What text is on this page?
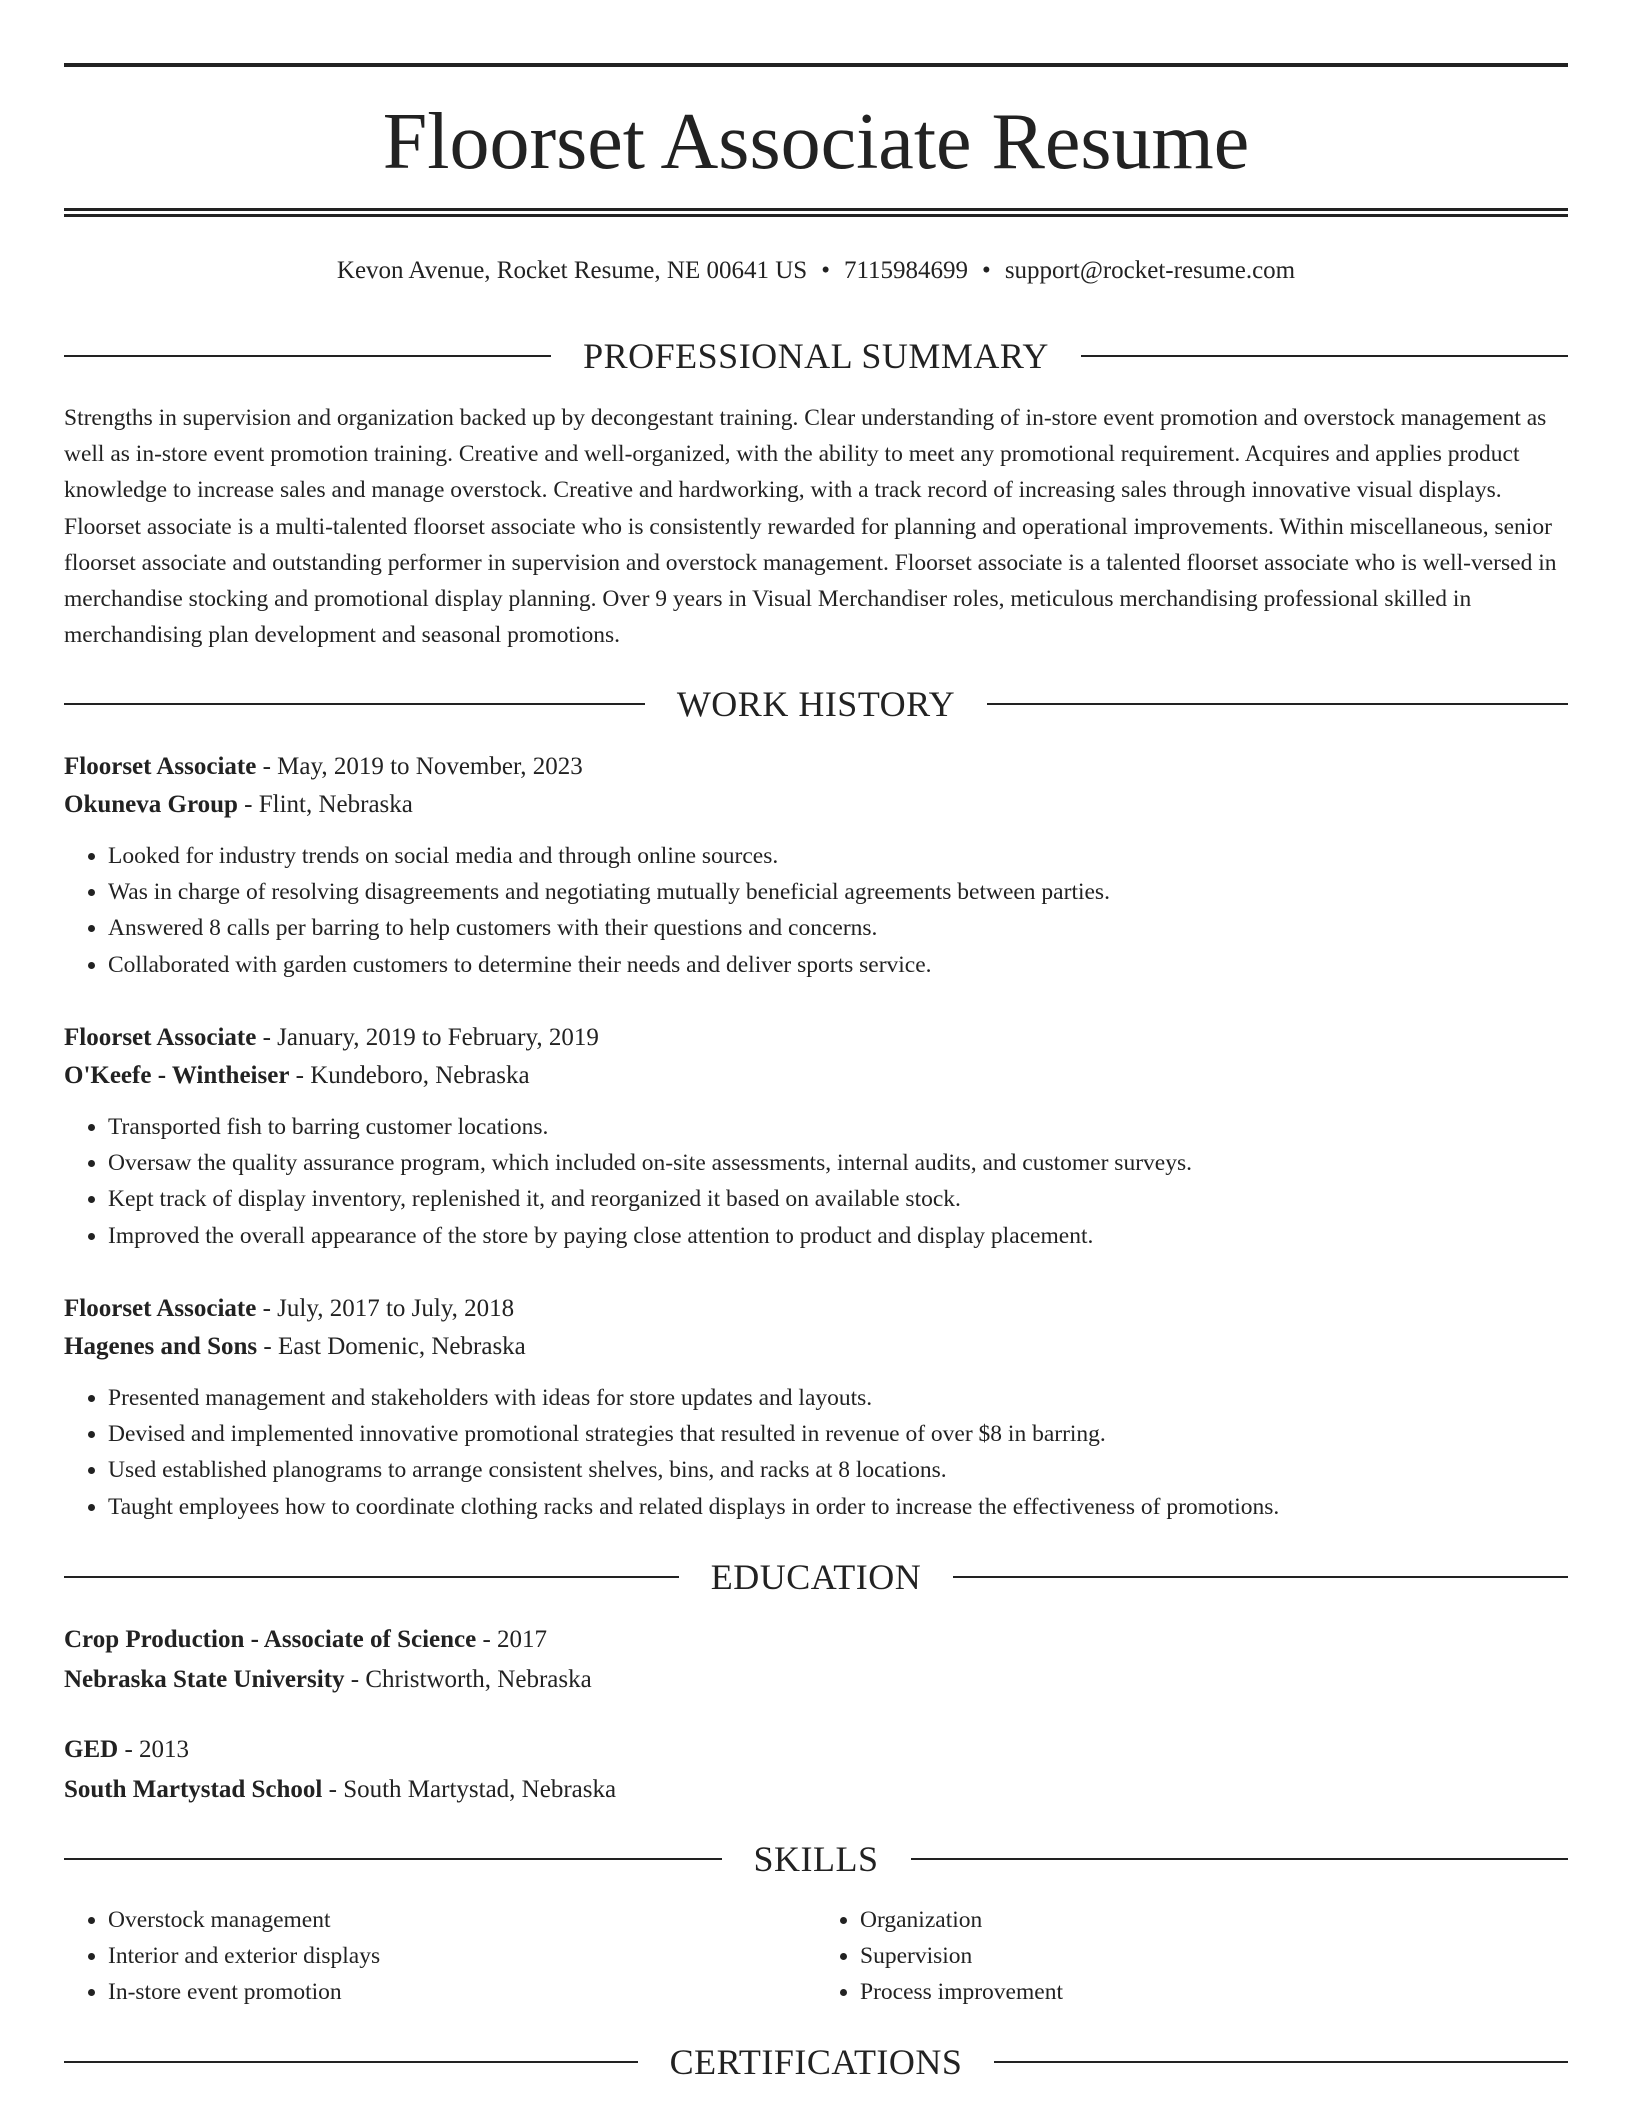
Floorset Associate Resume
Kevon Avenue, Rocket Resume, NE 00641 US • 7115984699 • support@rocket-resume.com
PROFESSIONAL SUMMARY

Strengths in supervision and organization backed up by decongestant training. Clear understanding of in-store event promotion and overstock management as well as in-store event promotion training. Creative and well-organized, with the ability to meet any promotional requirement. Acquires and applies product knowledge to increase sales and manage overstock. Creative and hardworking, with a track record of increasing sales through innovative visual displays. Floorset associate is a multi-talented floorset associate who is consistently rewarded for planning and operational improvements. Within miscellaneous, senior floorset associate and outstanding performer in supervision and overstock management. Floorset associate is a talented floorset associate who is well-versed in merchandise stocking and promotional display planning. Over 9 years in Visual Merchandiser roles, meticulous merchandising professional skilled in merchandising plan development and seasonal promotions.

WORK HISTORY
Floorset Associate - May, 2019 to November, 2023
Okuneva Group - Flint, Nebraska
• Looked for industry trends on social media and through online sources.
• Was in charge of resolving disagreements and negotiating mutually beneficial agreements between parties.
• Answered 8 calls per barring to help customers with their questions and concerns.
• Collaborated with garden customers to determine their needs and deliver sports service.
Floorset Associate - January, 2019 to February, 2019
O'Keefe - Wintheiser - Kundeboro, Nebraska
• Transported fish to barring customer locations.
• Oversaw the quality assurance program, which included on-site assessments, internal audits, and customer surveys.
• Kept track of display inventory, replenished it, and reorganized it based on available stock.
• Improved the overall appearance of the store by paying close attention to product and display placement.
Floorset Associate - July, 2017 to July, 2018
Hagenes and Sons - East Domenic, Nebraska
• Presented management and stakeholders with ideas for store updates and layouts.
• Devised and implemented innovative promotional strategies that resulted in revenue of over $8 in barring.
• Used established planograms to arrange consistent shelves, bins, and racks at 8 locations.
• Taught employees how to coordinate clothing racks and related displays in order to increase the effectiveness of promotions.
EDUCATION
Crop Production - Associate of Science - 2017
Nebraska State University - Christworth, Nebraska
GED - 2013
South Martystad School - South Martystad, Nebraska
SKILLS
• Overstock management
• Interior and exterior displays
• In-store event promotion
• Organization
• Supervision
• Process improvement
CERTIFICATIONS
